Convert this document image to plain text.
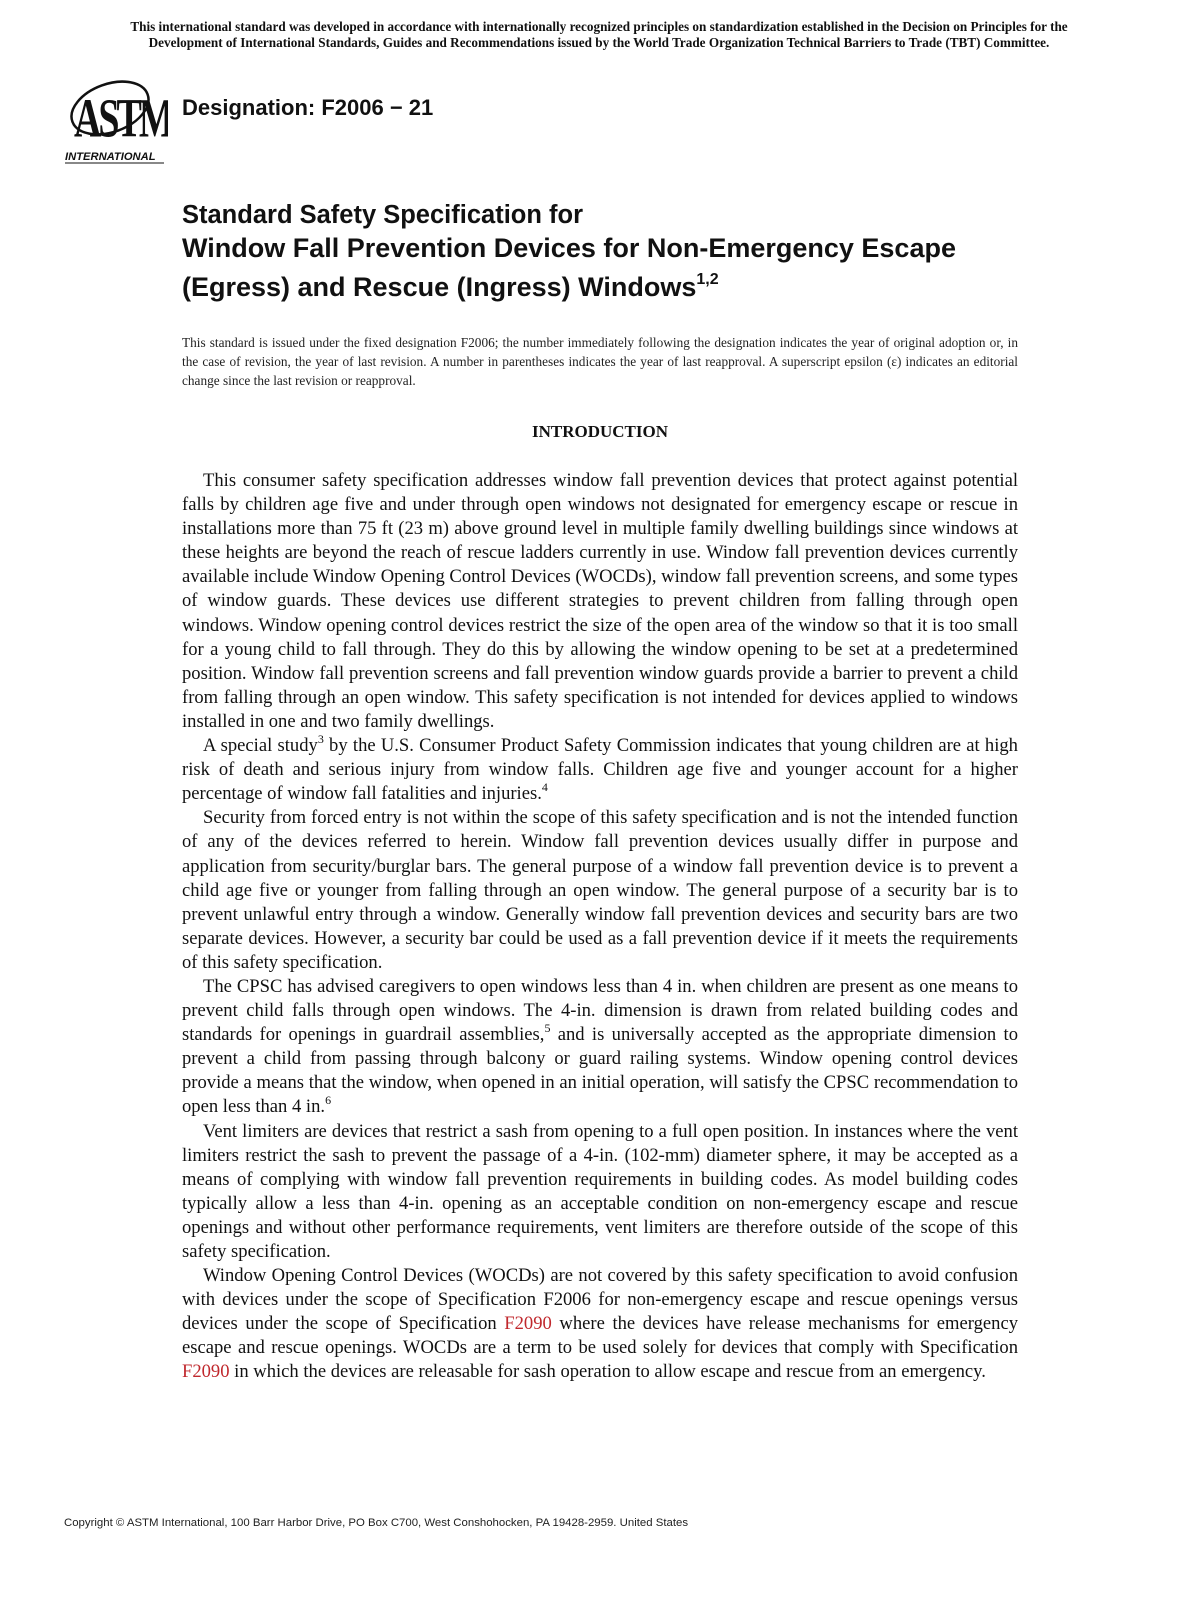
This international standard was developed in accordance with internationally recognized principles on standardization established in the Decision on Principles for the
Development of International Standards, Guides and Recommendations issued by the World Trade Organization Technical Barriers to Trade (TBT) Committee.
ASTM
INTERNATIONAL
Designation: F2006 − 21
Standard Safety Specification for
Window Fall Prevention Devices for Non-Emergency Escape
(Egress) and Rescue (Ingress) Windows$^{1,2}$
This standard is issued under the fixed designation F2006; the number immediately following the designation indicates the year of original adoption or, in the case of revision, the year of last revision. A number in parentheses indicates the year of last reapproval. A superscript epsilon (ε) indicates an editorial change since the last revision or reapproval.
INTRODUCTION

This consumer safety specification addresses window fall prevention devices that protect against potential falls by children age five and under through open windows not designated for emergency escape or rescue in installations more than 75 ft (23 m) above ground level in multiple family dwelling buildings since windows at these heights are beyond the reach of rescue ladders currently in use. Window fall prevention devices currently available include Window Opening Control Devices (WOCDs), window fall prevention screens, and some types of window guards. These devices use different strategies to prevent children from falling through open windows. Window opening control devices restrict the size of the open area of the window so that it is too small for a young child to fall through. They do this by allowing the window opening to be set at a predetermined position. Window fall prevention screens and fall prevention window guards provide a barrier to prevent a child from falling through an open window. This safety specification is not intended for devices applied to windows installed in one and two family dwellings.

A special study$^3$ by the U.S. Consumer Product Safety Commission indicates that young children are at high risk of death and serious injury from window falls. Children age five and younger account for a higher percentage of window fall fatalities and injuries.$^4$

Security from forced entry is not within the scope of this safety specification and is not the intended function of any of the devices referred to herein. Window fall prevention devices usually differ in purpose and application from security/burglar bars. The general purpose of a window fall prevention device is to prevent a child age five or younger from falling through an open window. The general purpose of a security bar is to prevent unlawful entry through a window. Generally window fall prevention devices and security bars are two separate devices. However, a security bar could be used as a fall prevention device if it meets the requirements of this safety specification.

The CPSC has advised caregivers to open windows less than 4 in. when children are present as one means to prevent child falls through open windows. The 4-in. dimension is drawn from related building codes and standards for openings in guardrail assemblies,$^5$ and is universally accepted as the appropriate dimension to prevent a child from passing through balcony or guard railing systems. Window opening control devices provide a means that the window, when opened in an initial operation, will satisfy the CPSC recommendation to open less than 4 in.$^6$

Vent limiters are devices that restrict a sash from opening to a full open position. In instances where the vent limiters restrict the sash to prevent the passage of a 4-in. (102-mm) diameter sphere, it may be accepted as a means of complying with window fall prevention requirements in building codes. As model building codes typically allow a less than 4-in. opening as an acceptable condition on non-emergency escape and rescue openings and without other performance requirements, vent limiters are therefore outside of the scope of this safety specification.

Window Opening Control Devices (WOCDs) are not covered by this safety specification to avoid confusion with devices under the scope of Specification F2006 for non-emergency escape and rescue openings versus devices under the scope of Specification F2090 where the devices have release mechanisms for emergency escape and rescue openings. WOCDs are a term to be used solely for devices that comply with Specification F2090 in which the devices are releasable for sash operation to allow escape and rescue from an emergency.

Copyright © ASTM International, 100 Barr Harbor Drive, PO Box C700, West Conshohocken, PA 19428-2959. United States
